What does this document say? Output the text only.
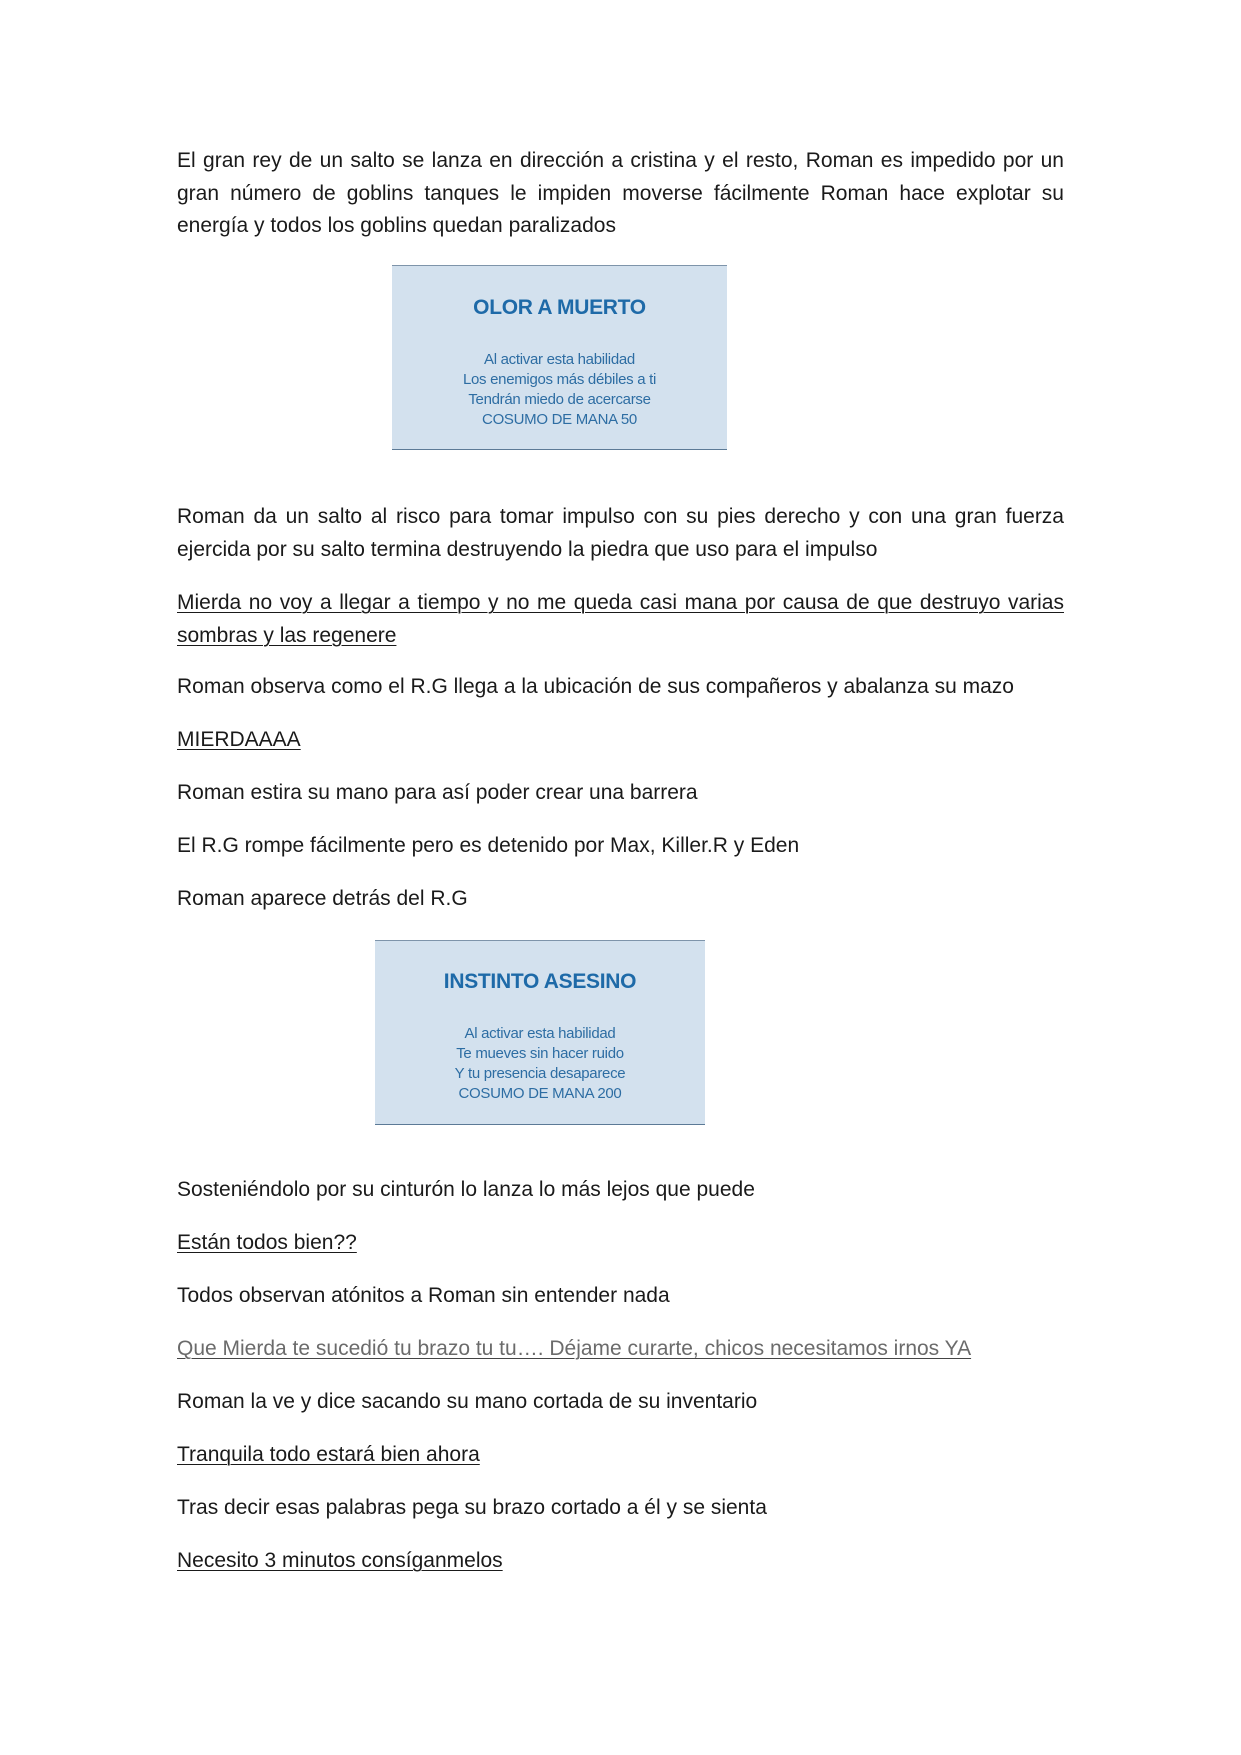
El gran rey de un salto se lanza en dirección a cristina y el resto, Roman es impedido por un gran número de goblins tanques le impiden moverse fácilmente Roman hace explotar su energía y todos los goblins quedan paralizados

OLOR A MUERTO

Al activar esta habilidad
Los enemigos más débiles a ti
Tendrán miedo de acercarse
COSUMO DE MANA 50

Roman da un salto al risco para tomar impulso con su pies derecho y con una gran fuerza ejercida por su salto termina destruyendo la piedra que uso para el impulso

Mierda no voy a llegar a tiempo y no me queda casi mana por causa de que destruyo varias sombras y las regenere

Roman observa como el R.G llega a la ubicación de sus compañeros y abalanza su mazo

MIERDAAAA

Roman estira su mano para así poder crear una barrera

El R.G rompe fácilmente pero es detenido por Max, Killer.R y Eden

Roman aparece detrás del R.G

INSTINTO ASESINO

Al activar esta habilidad
Te mueves sin hacer ruido
Y tu presencia desaparece
COSUMO DE MANA 200

Sosteniéndolo por su cinturón lo lanza lo más lejos que puede

Están todos bien??

Todos observan atónitos a Roman sin entender nada

Que Mierda te sucedió tu brazo tu tu…. Déjame curarte, chicos necesitamos irnos YA

Roman la ve y dice sacando su mano cortada de su inventario

Tranquila todo estará bien ahora

Tras decir esas palabras pega su brazo cortado a él y se sienta

Necesito 3 minutos consíganmelos
